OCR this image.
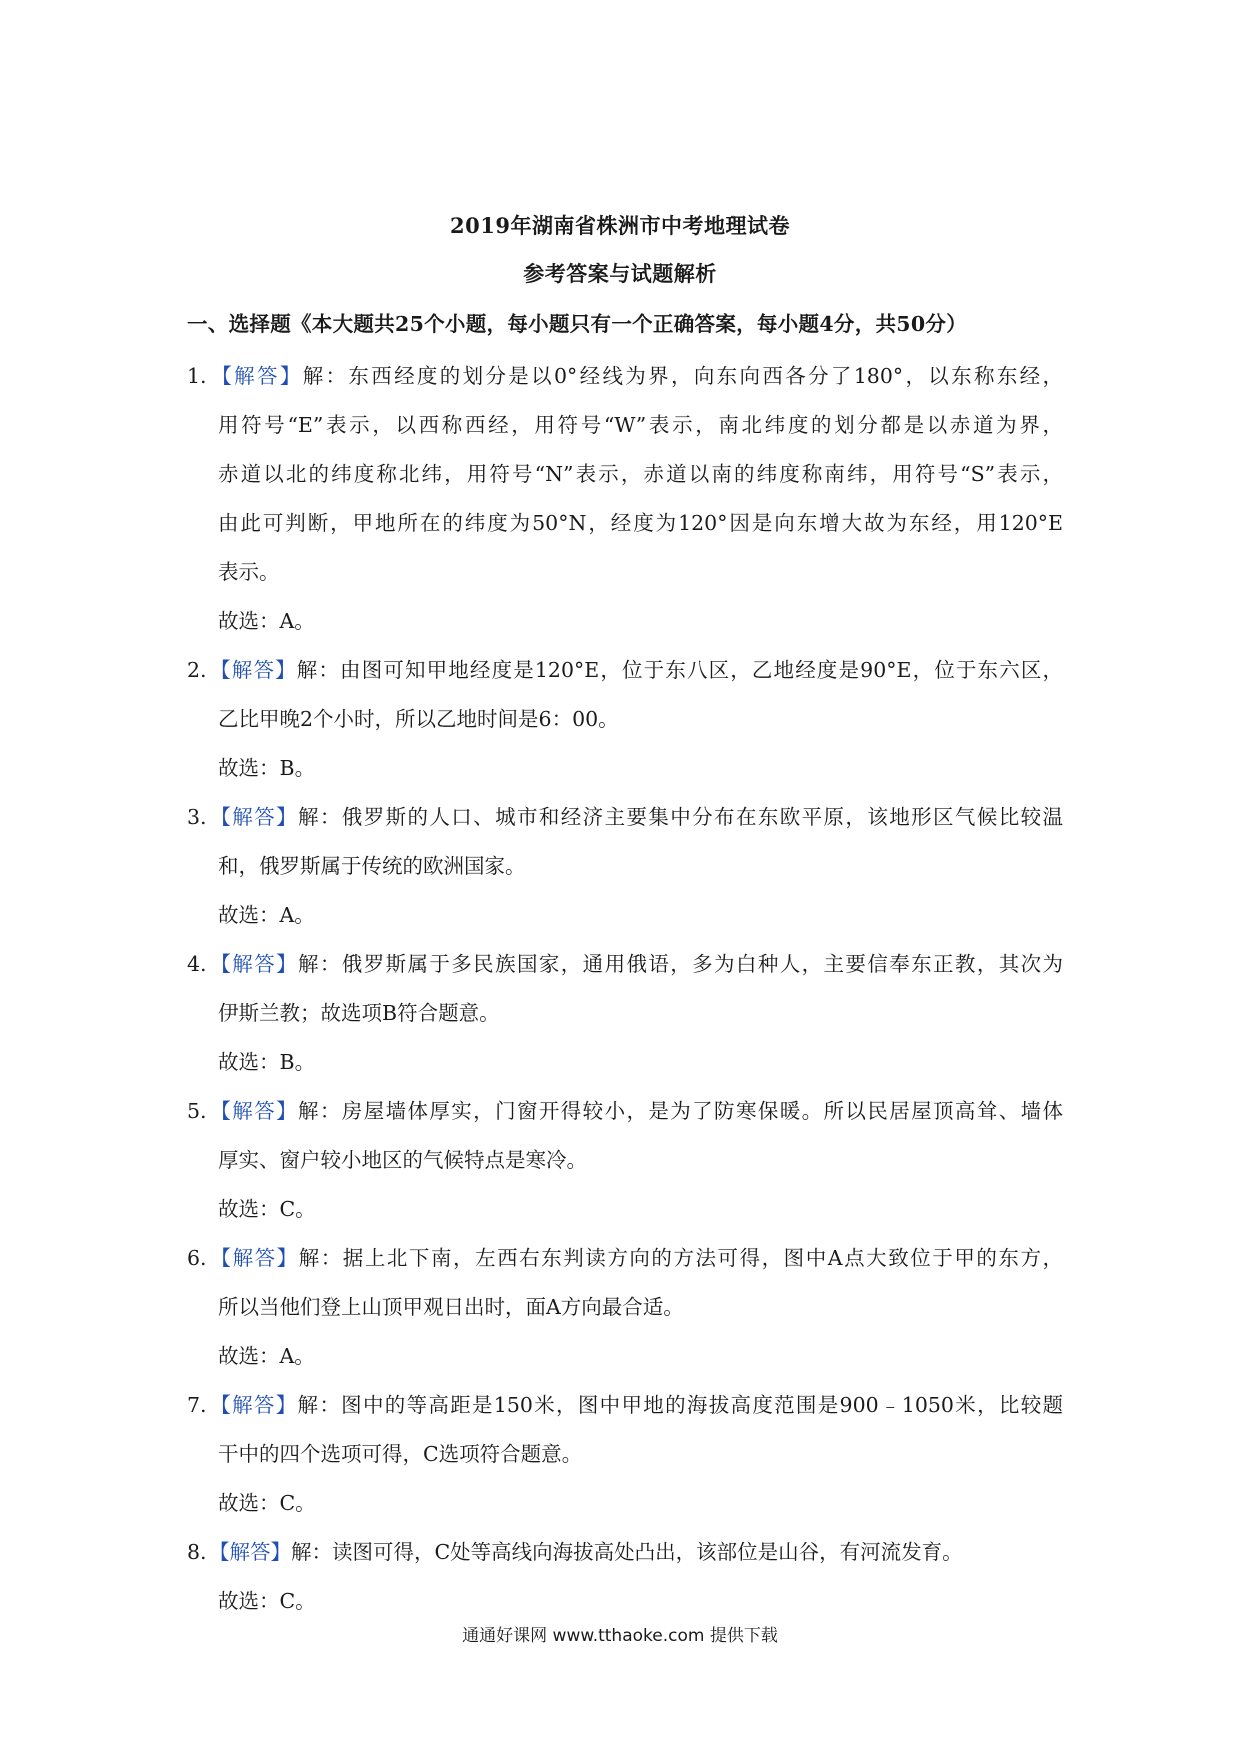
2019年湖南省株洲市中考地理试卷
参考答案与试题解析
一、选择题《本大题共25个小题，每小题只有一个正确答案，每小题4分，共50分）
1. 【解答】解：东西经度的划分是以0°经线为界，向东向西各分了180°，以东称东经，
用符号“E”表示，以西称西经，用符号“W”表示，南北纬度的划分都是以赤道为界，
赤道以北的纬度称北纬，用符号“N”表示，赤道以南的纬度称南纬，用符号“S”表示，
由此可判断，甲地所在的纬度为50°N，经度为120°因是向东增大故为东经，用120°E
表示。
故选：A。
2. 【解答】解：由图可知甲地经度是120°E，位于东八区，乙地经度是90°E，位于东六区，
乙比甲晚2个小时，所以乙地时间是6：00。
故选：B。
3. 【解答】解：俄罗斯的人口、城市和经济主要集中分布在东欧平原，该地形区气候比较温
和，俄罗斯属于传统的欧洲国家。
故选：A。
4. 【解答】解：俄罗斯属于多民族国家，通用俄语，多为白种人，主要信奉东正教，其次为
伊斯兰教；故选项B符合题意。
故选：B。
5. 【解答】解：房屋墙体厚实，门窗开得较小，是为了防寒保暖。所以民居屋顶高耸、墙体
厚实、窗户较小地区的气候特点是寒冷。
故选：C。
6. 【解答】解：据上北下南，左西右东判读方向的方法可得，图中A点大致位于甲的东方，
所以当他们登上山顶甲观日出时，面A方向最合适。
故选：A。
7. 【解答】解：图中的等高距是150米，图中甲地的海拔高度范围是900﹣1050米，比较题
干中的四个选项可得，C选项符合题意。
故选：C。
8. 【解答】解：读图可得，C处等高线向海拔高处凸出，该部位是山谷，有河流发育。
故选：C。
通通好课网 www.tthaoke.com 提供下载
